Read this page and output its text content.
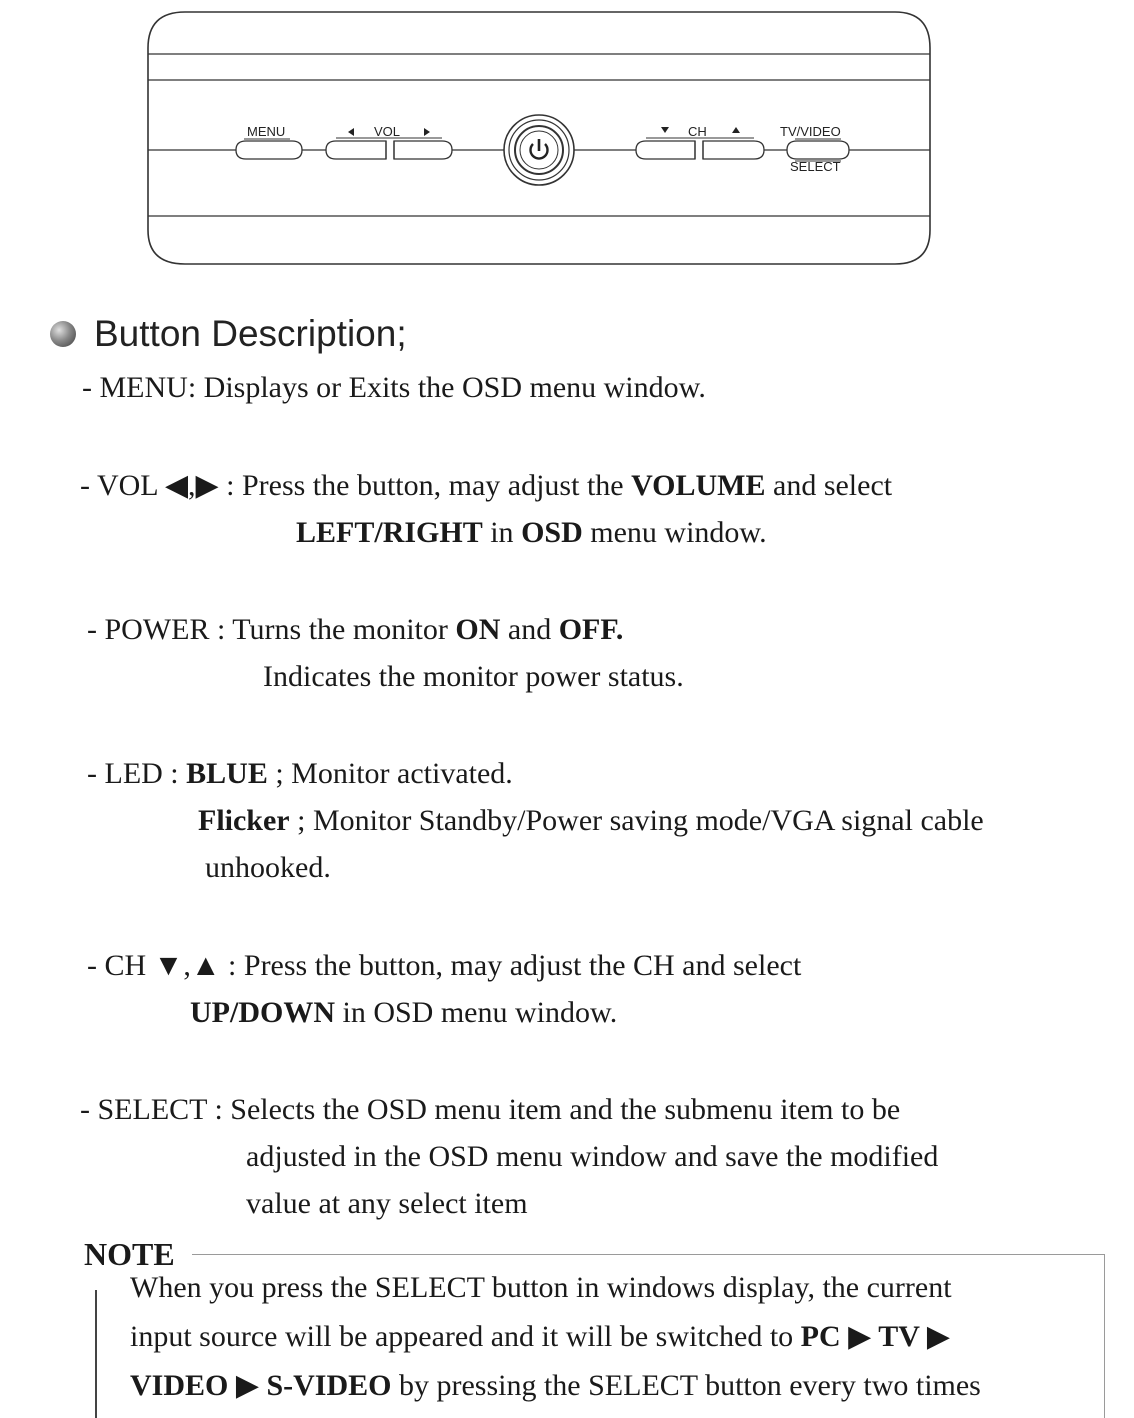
MENU	VOL	CH	TV/VIDEO
SELECT
Button Description;
- MENU: Displays or Exits the OSD menu window.
- VOL ◀,▶ : Press the button, may adjust the VOLUME and select
LEFT/RIGHT in OSD menu window.
- POWER : Turns the monitor ON and OFF.
Indicates the monitor power status.
- LED : BLUE ; Monitor activated.
Flicker ; Monitor Standby/Power saving mode/VGA signal cable
unhooked.
- CH ▼,▲ : Press the button, may adjust the CH and select
UP/DOWN in OSD menu window.
- SELECT : Selects the OSD menu item and the submenu item to be
adjusted in the OSD menu window and save the modified
value at any select item
NOTE
When you press the SELECT button in windows display, the current
input source will be appeared and it will be switched to PC ▶ TV ▶
VIDEO ▶ S-VIDEO by pressing the SELECT button every two times
